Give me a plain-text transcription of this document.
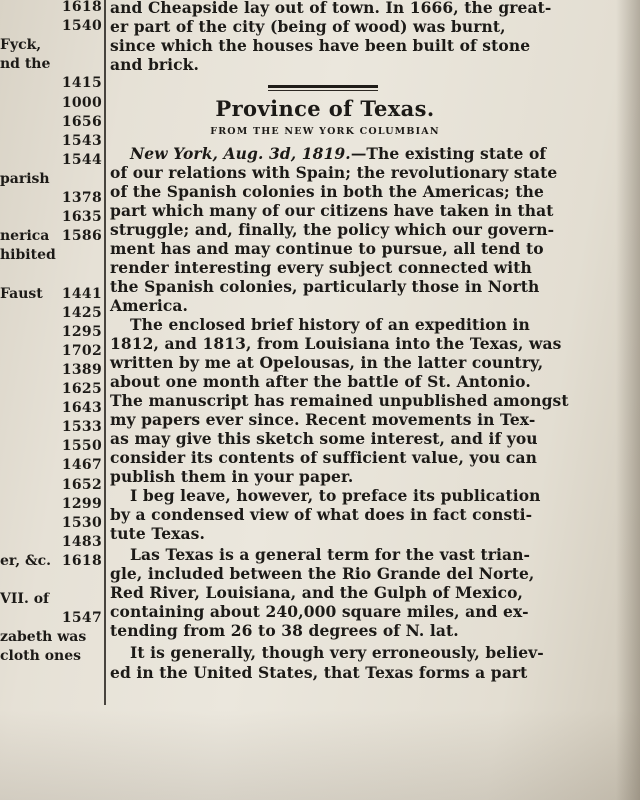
1618
1540
Fyck,
nd the
1415
1000
1656
1543
1544
parish
1378
1635
nerica 1586
hibited
Faust 1441
1425
1295
1702
1389
1625
1643
1533
1550
1467
1652
1299
1530
1483
er, &c. 1618
VII. of
1547
zabeth was
cloth ones
and Cheapside lay out of town. In 1666, the great-
er part of the city (being of wood) was burnt,
since which the houses have been built of stone
and brick.
Province of Texas.
FROM THE NEW YORK COLUMBIAN
New York, Aug. 3d, 1819.—The existing state of
of our relations with Spain; the revolutionary state
of the Spanish colonies in both the Americas; the
part which many of our citizens have taken in that
struggle; and, finally, the policy which our govern-
ment has and may continue to pursue, all tend to
render interesting every subject connected with
the Spanish colonies, particularly those in North
America.
The enclosed brief history of an expedition in
1812, and 1813, from Louisiana into the Texas, was
written by me at Opelousas, in the latter country,
about one month after the battle of St. Antonio.
The manuscript has remained unpublished amongst
my papers ever since. Recent movements in Tex-
as may give this sketch some interest, and if you
consider its contents of sufficient value, you can
publish them in your paper.
I beg leave, however, to preface its publication
by a condensed view of what does in fact consti-
tute Texas.
Las Texas is a general term for the vast trian-
gle, included between the Rio Grande del Norte,
Red River, Louisiana, and the Gulph of Mexico,
containing about 240,000 square miles, and ex-
tending from 26 to 38 degrees of N. lat.
It is generally, though very erroneously, believ-
ed in the United States, that Texas forms a part
